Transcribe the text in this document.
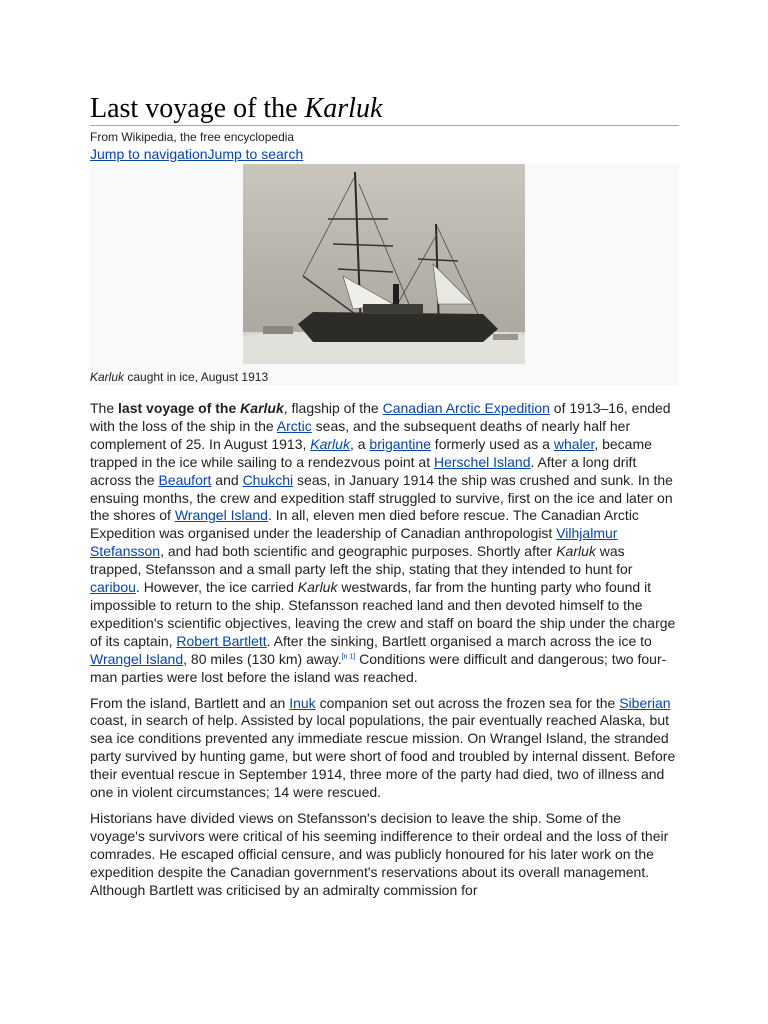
Last voyage of the Karluk
From Wikipedia, the free encyclopedia
Jump to navigationJump to search
Karluk caught in ice, August 1913

The last voyage of the Karluk, flagship of the Canadian Arctic Expedition of 1913–16, ended with the loss of the ship in the Arctic seas, and the subsequent deaths of nearly half her complement of 25. In August 1913, Karluk, a brigantine formerly used as a whaler, became trapped in the ice while sailing to a rendezvous point at Herschel Island. After a long drift across the Beaufort and Chukchi seas, in January 1914 the ship was crushed and sunk. In the ensuing months, the crew and expedition staff struggled to survive, first on the ice and later on the shores of Wrangel Island. In all, eleven men died before rescue. The Canadian Arctic Expedition was organised under the leadership of Canadian anthropologist Vilhjalmur Stefansson, and had both scientific and geographic purposes. Shortly after Karluk was trapped, Stefansson and a small party left the ship, stating that they intended to hunt for caribou. However, the ice carried Karluk westwards, far from the hunting party who found it impossible to return to the ship. Stefansson reached land and then devoted himself to the expedition's scientific objectives, leaving the crew and staff on board the ship under the charge of its captain, Robert Bartlett. After the sinking, Bartlett organised a march across the ice to Wrangel Island, 80 miles (130 km) away.[n 1] Conditions were difficult and dangerous; two four-man parties were lost before the island was reached.

From the island, Bartlett and an Inuk companion set out across the frozen sea for the Siberian coast, in search of help. Assisted by local populations, the pair eventually reached Alaska, but sea ice conditions prevented any immediate rescue mission. On Wrangel Island, the stranded party survived by hunting game, but were short of food and troubled by internal dissent. Before their eventual rescue in September 1914, three more of the party had died, two of illness and one in violent circumstances; 14 were rescued.

Historians have divided views on Stefansson's decision to leave the ship. Some of the voyage's survivors were critical of his seeming indifference to their ordeal and the loss of their comrades. He escaped official censure, and was publicly honoured for his later work on the expedition despite the Canadian government's reservations about its overall management. Although Bartlett was criticised by an admiralty commission for
